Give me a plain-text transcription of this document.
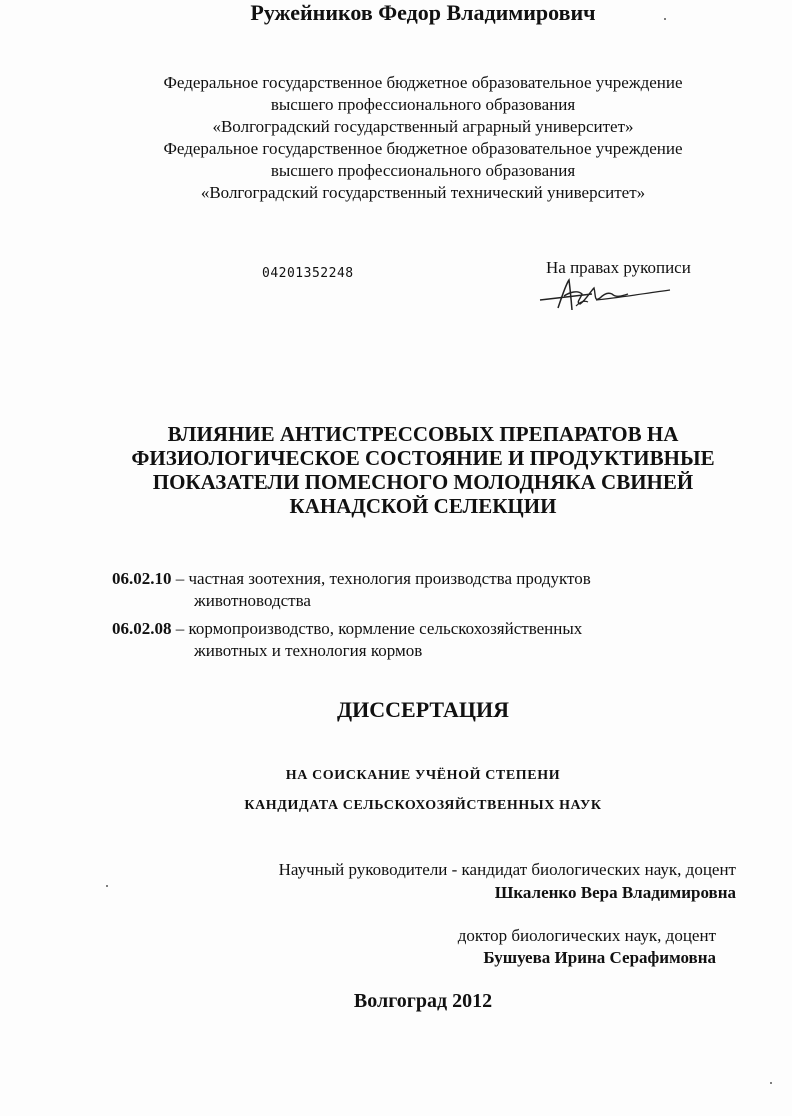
Федеральное государственное бюджетное образовательное учреждение
высшего профессионального образования
«Волгоградский государственный аграрный университет»
Федеральное государственное бюджетное образовательное учреждение
высшего профессионального образования
«Волгоградский государственный технический университет»
04201352248	На правах рукописи
Ружейников Федор Владимирович
ВЛИЯНИЕ АНТИСТРЕССОВЫХ ПРЕПАРАТОВ НА
ФИЗИОЛОГИЧЕСКОЕ СОСТОЯНИЕ И ПРОДУКТИВНЫЕ
ПОКАЗАТЕЛИ ПОМЕСНОГО МОЛОДНЯКА СВИНЕЙ
КАНАДСКОЙ СЕЛЕКЦИИ
06.02.10 – частная зоотехния, технология производства продуктов
животноводства
06.02.08 – кормопроизводство, кормление сельскохозяйственных
животных и технология кормов
ДИССЕРТАЦИЯ
НА СОИСКАНИЕ УЧЁНОЙ СТЕПЕНИ
КАНДИДАТА СЕЛЬСКОХОЗЯЙСТВЕННЫХ НАУК
Научный руководители - кандидат биологических наук, доцент
Шкаленко Вера Владимировна
доктор биологических наук, доцент
Бушуева Ирина Серафимовна
Волгоград 2012
